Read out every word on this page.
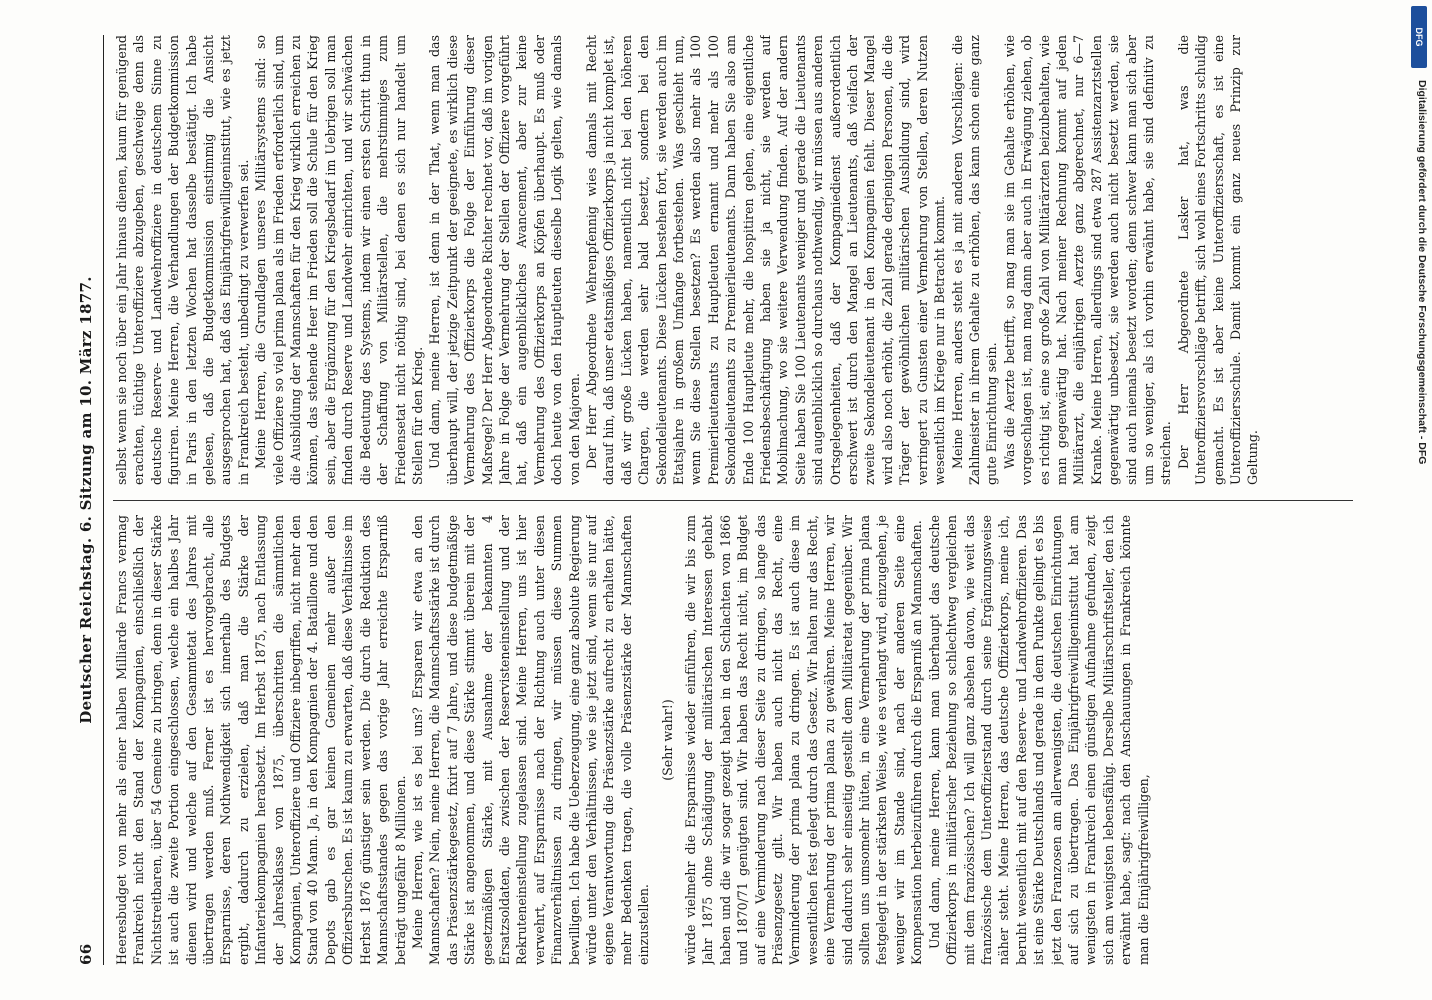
66
Deutscher Reichstag. 6. Sitzung am 10. März 1877.

Heeresbudget von mehr als einer halben Milliarde Francs vermag Frankreich nicht den Stand der Kompagnien, einschließlich der Nichtstreitbaren, über 54 Gemeine zu bringen, denn in dieser Stärke ist auch die zweite Portion eingeschlossen, welche ein halbes Jahr dienen wird und welche auf den Gesammtetat des Jahres mit übertragen werden muß. Ferner ist es hervorgebracht, alle Ersparnisse, deren Nothwendigkeit sich innerhalb des Budgets ergibt, dadurch zu erzielen, daß man die Stärke der Infanteriekompagnien herabsetzt. Im Herbst 1875, nach Entlassung der Jahresklasse von 1875, überschritten die sämmtlichen Kompagnien, Unteroffiziere und Offiziere inbegriffen, nicht mehr den Stand von 40 Mann. Ja, in den Kompagnien der 4. Bataillone und den Depots gab es gar keinen Gemeinen mehr außer den Offiziersburschen. Es ist kaum zu erwarten, daß diese Verhältnisse im Herbst 1876 günstiger sein werden. Die durch die Reduktion des Mannschaftsstandes gegen das vorige Jahr erreichte Ersparniß beträgt ungefähr 8 Millionen. Meine Herren, wie ist es bei uns? Ersparen wir etwa an den Mannschaften? Nein, meine Herren, die Mannschaftsstärke ist durch das Präsenzstärkegesetz, fixirt auf 7 Jahre, und diese budgetmäßige Stärke ist angenommen, und diese Stärke stimmt überein mit der gesetzmäßigen Stärke, mit Ausnahme der bekannten 4 Ersatzsoldaten, die zwischen der Reservisteneinstellung und der Rekruteneinstellung zugelassen sind. Meine Herren, uns ist hier verwehrt, auf Ersparnisse nach der Richtung auch unter diesen Finanzverhältnissen zu dringen, wir müssen diese Summen bewilligen. Ich habe die Ueberzeugung, eine ganz absolute Regierung würde unter den Verhältnissen, wie sie jetzt sind, wenn sie nur auf eigene Verantwortung die Präsenzstärke aufrecht zu erhalten hätte, mehr Bedenken tragen, die volle Präsenzstärke der Mannschaften einzustellen.

(Sehr wahr!) würde vielmehr die Ersparnisse wieder einführen, die wir bis zum Jahr 1875 ohne Schädigung der militärischen Interessen gehabt haben und die wir sogar gezeigt haben in den Schlachten von 1866 und 1870/71 genügten sind. Wir haben das Recht nicht, im Budget auf eine Verminderung nach dieser Seite zu dringen, so lange das Präsenzgesetz gilt. Wir haben auch nicht das Recht, eine Verminderung der prima plana zu dringen. Es ist auch diese im wesentlichen fest gelegt durch das Gesetz. Wir halten nur das Recht, eine Vermehrung der prima plana zu gewähren. Meine Herren, wir sind dadurch sehr einseitig gestellt dem Militäretat gegenüber. Wir sollten uns umsomehr hüten, in eine Vermehrung der prima plana festgelegt in der stärksten Weise, wie es verlangt wird, einzugehen, je weniger wir im Stande sind, nach der anderen Seite eine Kompensation herbeizuführen durch die Ersparniß an Mannschaften. Und dann, meine Herren, kann man überhaupt das deutsche Offizierkorps in militärischer Beziehung so schlechtweg vergleichen mit dem französischen? Ich will ganz absehen davon, wie weit das französische dem Unteroffizierstand durch seine Ergänzungsweise näher steht. Meine Herren, das deutsche Offizierkorps, meine ich, beruht wesentlich mit auf den Reserve- und Landwehroffizieren. Das ist eine Stärke Deutschlands und gerade in dem Punkte gelingt es bis jetzt den Franzosen am allerwenigsten, die deutschen Einrichtungen auf sich zu übertragen. Das Einjährigfreiwilligeninstitut hat am wenigsten in Frankreich einen günstigen Aufnahme gefunden, zeigt sich am wenigsten lebensfähig. Derselbe Militärschriftsteller, den ich erwähnt habe, sagt: nach den Anschauungen in Frankreich könnte man die Einjährigfreiwilligen,

selbst wenn sie noch über ein Jahr hinaus dienen, kaum für genügend erachten, tüchtige Unteroffiziere abzugeben, geschweige denn als deutsche Reserve- und Landwehroffiziere in deutschem Sinne zu figuriren. Meine Herren, die Verhandlungen der Budgetkommission in Paris in den letzten Wochen hat dasselbe bestätigt. Ich habe gelesen, daß die Budgetkommission einstimmig die Ansicht ausgesprochen hat, daß das Einjährigfreiwilligeninstitut, wie es jetzt in Frankreich besteht, unbedingt zu verwerfen sei. Meine Herren, die Grundlagen unseres Militärsystems sind: so viele Offiziere so viel prima plana als im Frieden erforderlich sind, um die Ausbildung der Mannschaften für den Krieg wirklich erreichen zu können, das stehende Heer im Frieden soll die Schule für den Krieg sein, aber die Ergänzung für den Kriegsbedarf im Uebrigen soll man finden durch Reserve und Landwehr einrichten, und wir schwächen die Bedeutung des Systems, indem wir einen ersten Schritt thun in der Schaffung von Militärstellen, die mehrstimmiges zum Friedensetat nicht nöthig sind, bei denen es sich nur handelt um Stellen für den Krieg. Und dann, meine Herren, ist denn in der That, wenn man das überhaupt will, der jetzige Zeitpunkt der geeignete, es wirklich diese Vermehrung des Offizierkorps die Folge der Einführung dieser Maßregel? Der Herr Abgeordnete Richter rechnet vor, daß im vorigen Jahre in Folge der Vermehrung der Stellen der Offiziere vorgeführt hat, daß ein augenblickliches Avancement, aber zur keine Vermehrung des Offizierkorps an Köpfen überhaupt. Es muß oder doch heute von den Hauptleuten dieselbe Logik gelten, wie damals von den Majoren. Der Herr Abgeordnete Wehrenpfennig wies damals mit Recht darauf hin, daß unser etatsmäßiges Offizierkorps ja nicht komplet ist, daß wir große Lücken haben, namentlich nicht bei den höheren Chargen, die werden sehr bald besetzt, sondern bei den Sekondelieutenants. Diese Lücken bestehen fort, sie werden auch im Etatsjahre in großem Umfange fortbestehen. Was geschieht nun, wenn Sie diese Stellen besetzen? Es werden also mehr als 100 Premierlieutenants zu Hauptleuten ernannt und mehr als 100 Sekondelieutenants zu Premierlieutenants. Dann haben Sie also am Ende 100 Hauptleute mehr, die hospitiren gehen, eine eigentliche Friedensbeschäftigung haben sie ja nicht, sie werden auf Mobilmachung, wo sie weitere Verwendung finden. Auf der andern Seite haben Sie 100 Lieutenants weniger und gerade die Lieutenants sind augenblicklich so durchaus nothwendig, wir müssen aus anderen Ortsgelegenheiten, daß der Kompagniedienst außerordentlich erschwert ist durch den Mangel an Lieutenants, daß vielfach der zweite Sekondelieutenant in den Kompagnien fehlt. Dieser Mangel wird also noch erhöht, die Zahl gerade derjenigen Personen, die die Träger der gewöhnlichen militärischen Ausbildung sind, wird verringert zu Gunsten einer Vermehrung von Stellen, deren Nutzen wesentlich im Kriege nur in Betracht kommt. Meine Herren, anders steht es ja mit anderen Vorschlägen: die Zahlmeister in ihrem Gehalte zu erhöhen, das kann schon eine ganz gute Einrichtung sein. Was die Aerzte betrifft, so mag man sie im Gehalte erhöhen, wie vorgeschlagen ist, man mag dann aber auch in Erwägung ziehen, ob es richtig ist, eine so große Zahl von Militärärzten beizubehalten, wie man gegenwärtig hat. Nach meiner Rechnung kommt auf jeden Militärarzt, die einjährigen Aerzte ganz abgerechnet, nur 6—7 Kranke. Meine Herren, allerdings sind etwa 287 Assistenzarztstellen gegenwärtig unbesetzt, sie werden auch nicht besetzt werden, sie sind auch niemals besetzt worden; denn schwer kann man sich aber um so weniger, als ich vorhin erwähnt habe, sie sind definitiv zu streichen. Der Herr Abgeordnete Lasker hat, was die Unteroffiziersvorschläge betrifft, sich wohl eines Fortschritts schuldig gemacht. Es ist aber keine Unteroffiziersschaft, es ist eine Unteroffiziersschule. Damit kommt ein ganz neues Prinzip zur Geltung.

DFG
Digitalisierung gefördert durch die Deutsche Forschungsgemeinschaft - DFG
